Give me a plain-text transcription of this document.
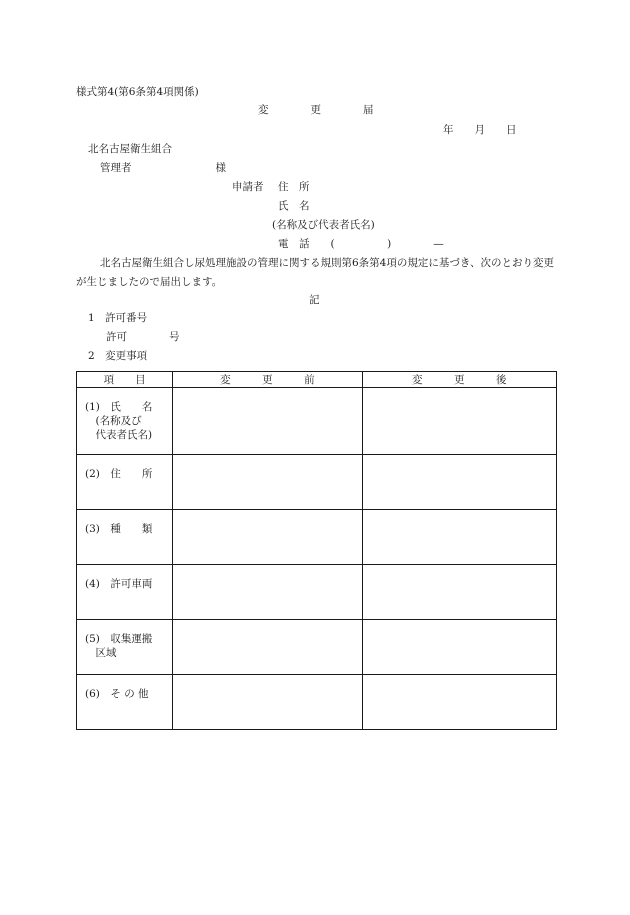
様式第4(第6条第4項関係)
変　　　　更　　　　届
年　　月　　日
北名古屋衛生組合
管理者　　　　　　　　様
申請者 住　所
氏　名
(名称及び代表者氏名)
電　話　　(　　　　　)　　　　—
北名古屋衛生組合し尿処理施設の管理に関する規則第6条第4項の規定に基づき、次のとおり変更が生じましたので届出します。
記
1　許可番号
許可　　　　号
2　変更事項
項　　目	変　　　更　　　前	変　　　更　　　後

(1)　氏　　名
　(名称及び
　代表者氏名)		

(2)　住　　所		

(3)　種　　類		

(4)　許可車両		

(5)　収集運搬
　区域		

(6)　そ の 他		
